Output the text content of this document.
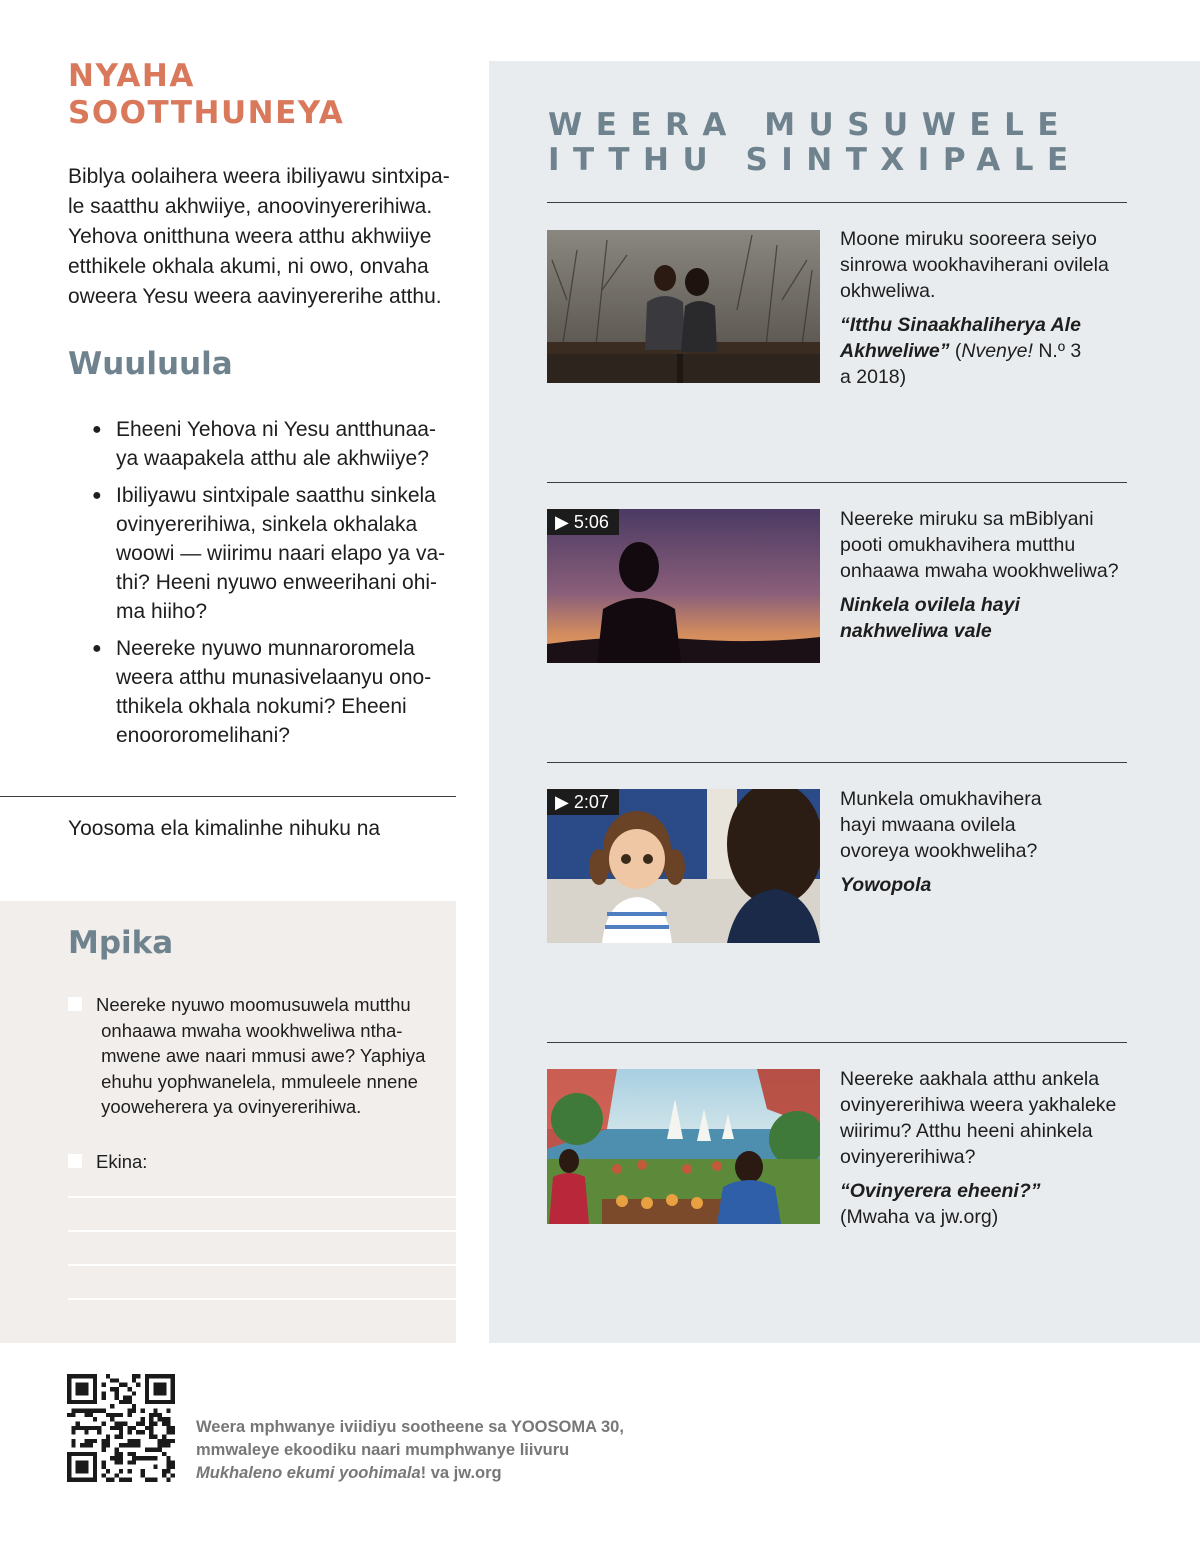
NYAHA
SOOTTHUNEYA
Biblya oolaihera weera ibiliyawu sintxipa-
le saatthu akhwiiye, anoovinyererihiwa.
Yehova onitthuna weera atthu akhwiiye
etthikele okhala akumi, ni owo, onvaha
oweera Yesu weera aavinyererihe atthu.
Wuuluula
● Eheeni Yehova ni Yesu antthunaa-
ya waapakela atthu ale akhwiiye?
● Ibiliyawu sintxipale saatthu sinkela
ovinyererihiwa, sinkela okhalaka
woowi — wiirimu naari elapo ya va-
thi? Heeni nyuwo enweerihani ohi-
ma hiiho?
● Neereke nyuwo munnaroromela
weera atthu munasivelaanyu ono-
tthikela okhala nokumi? Eheeni
enoororomelihani?
Yoosoma ela kimalinhe nihuku na
Mpika
Neereke nyuwo moomusuwela mutthu
onhaawa mwaha wookhweliwa ntha-
mwene awe naari mmusi awe? Yaphiya
ehuhu yophwanelela, mmuleele nnene
yooweherera ya ovinyererihiwa.
Ekina:
WEERA MUSUWELE
ITTHU SINTXIPALE
Moone miruku sooreera seiyo
sinrowa wookhaviherani ovilela
okhweliwa.
“Itthu Sinaakhaliherya Ale
Akhweliwe” (Nvenye! N.º 3
a 2018)
▶ 5:06	Neereke miruku sa mBiblyani
pooti omukhavihera mutthu
onhaawa mwaha wookhweliwa?
Ninkela ovilela hayi
nakhweliwa vale
▶ 2:07	Munkela omukhavihera
hayi mwaana ovilela
ovoreya wookhweliha?
Yowopola
Neereke aakhala atthu ankela
ovinyererihiwa weera yakhaleke
wiirimu? Atthu heeni ahinkela
ovinyererihiwa?
“Ovinyerera eheeni?”
(Mwaha va jw.org)
Weera mphwanye iviidiyu sootheene sa YOOSOMA 30,
mmwaleye ekoodiku naari mumphwanye liivuru
Mukhaleno ekumi yoohimala! va jw.org
